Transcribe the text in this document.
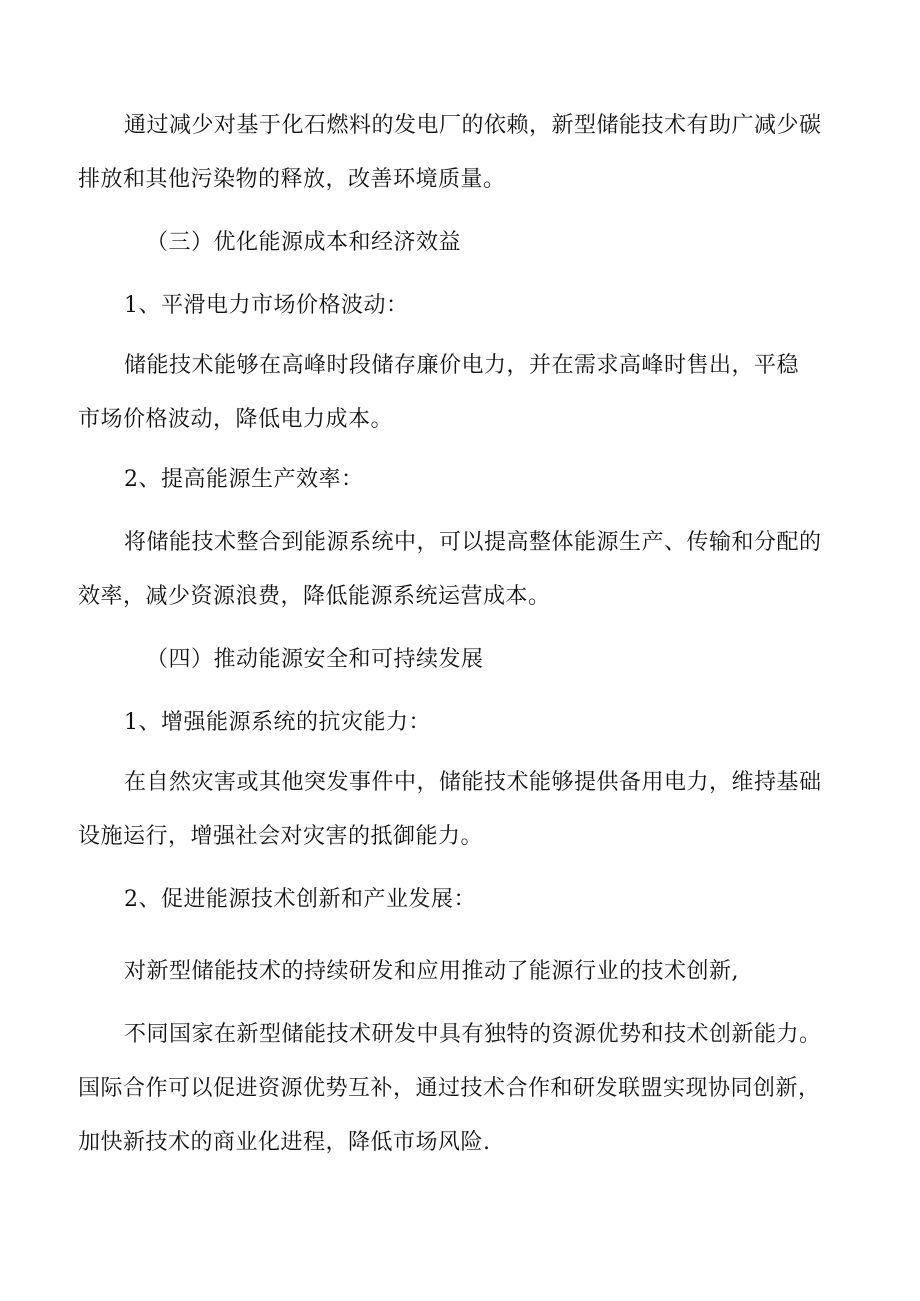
通过减少对基于化石燃料的发电厂的依赖，新型储能技术有助广减少碳
排放和其他污染物的释放，改善环境质量。
（三）优化能源成本和经济效益
1、平滑电力市场价格波动：
储能技术能够在高峰时段储存廉价电力，并在需求高峰时售出，平稳
市场价格波动，降低电力成本。
2、提高能源生产效率：
将储能技术整合到能源系统中，可以提高整体能源生产、传输和分配的
效率，减少资源浪费，降低能源系统运营成本。
（四）推动能源安全和可持续发展
1、增强能源系统的抗灾能力：
在自然灾害或其他突发事件中，储能技术能够提供备用电力，维持基础
设施运行，增强社会对灾害的抵御能力。
2、促进能源技术创新和产业发展：
对新型储能技术的持续研发和应用推动了能源行业的技术创新,
不同国家在新型储能技术研发中具有独特的资源优势和技术创新能力。
国际合作可以促进资源优势互补，通过技术合作和研发联盟实现协同创新，
加快新技术的商业化进程，降低市场风险.
